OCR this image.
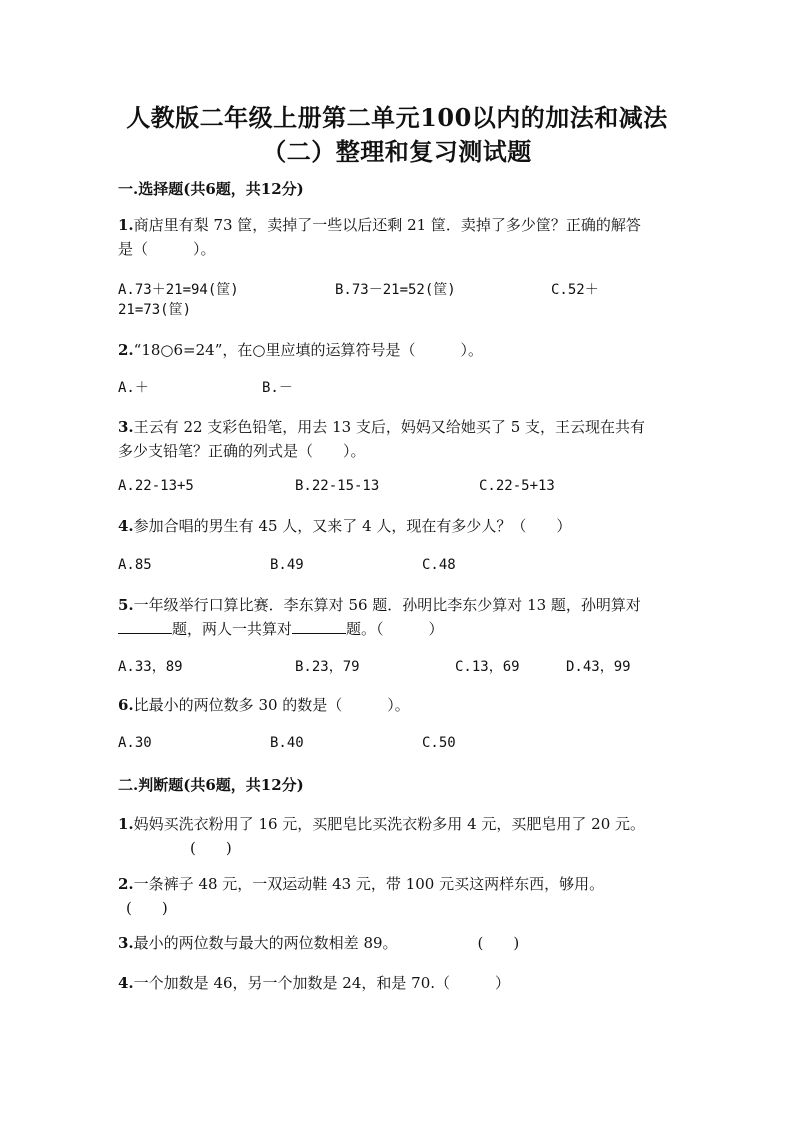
人教版二年级上册第二单元100以内的加法和减法
（二）整理和复习测试题
一.选择题(共6题，共12分)
1.商店里有梨 73 筐，卖掉了一些以后还剩 21 筐．卖掉了多少筐？正确的解答
是（　　　）。
A.73＋21=94(筐)	B.73－21=52(筐)	C.52＋
21=73(筐)
2.“18○6=24”，在○里应填的运算符号是（　　　）。
A.＋	B.－
3.王云有 22 支彩色铅笔，用去 13 支后，妈妈又给她买了 5 支，王云现在共有
多少支铅笔？正确的列式是（　　）。
A.22-13+5	B.22-15-13	C.22-5+13
4.参加合唱的男生有 45 人，又来了 4 人，现在有多少人？（　　）
A.85	B.49	C.48
5.一年级举行口算比赛．李东算对 56 题．孙明比李东少算对 13 题，孙明算对
题，两人一共算对	题。（　　　）
A.33，89	B.23，79	C.13，69	D.43，99
6.比最小的两位数多 30 的数是（　　　）。
A.30	B.40	C.50
二.判断题(共6题，共12分)
1.妈妈买洗衣粉用了 16 元，买肥皂比买洗衣粉多用 4 元，买肥皂用了 20 元。
(　　)
2.一条裤子 48 元，一双运动鞋 43 元，带 100 元买这两样东西，够用。
(　　)
3.最小的两位数与最大的两位数相差 89。	(　　)
4.一个加数是 46，另一个加数是 24，和是 70.（　　　）
